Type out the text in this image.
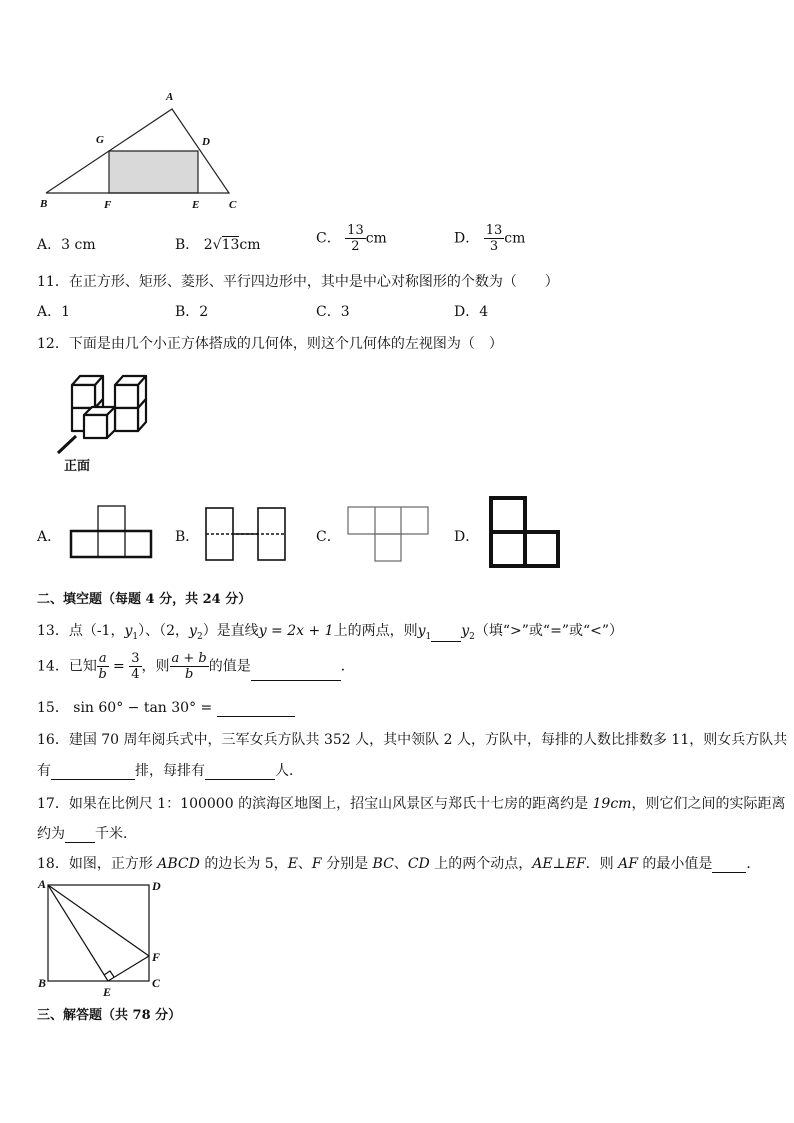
A
G	D
B	F	E	C
A．3 cm	B． 2√13cm	C． $\frac{13}{2}$ cm	D． $\frac{13}{3}$ cm
11．在正方形、矩形、菱形、平行四边形中，其中是中心对称图形的个数为（　　）
A．1	B．2	C．3	D．4
12．下面是由几个小正方体搭成的几何体，则这个几何体的左视图为（　）
正面
A．	B．	C．	D．
二、填空题（每题 4 分，共 24 分）
13．点（-1，$y_1$）、（2，$y_2$）是直线y = 2x + 1上的两点，则$y_1$ $y_2$（填“>”或“=”或“<”）
14．已知 $\frac{a}{b} = \frac{3}{4}$ ，则 $\frac{a + b}{b}$ 的值是	．
15． sin 60° − tan 30° =
16．建国 70 周年阅兵式中，三军女兵方队共 352 人，其中领队 2 人，方队中，每排的人数比排数多 11，则女兵方队共
有	排，每排有	人．
17．如果在比例尺 1：100000 的滨海区地图上，招宝山风景区与郑氏十七房的距离约是 19cm，则它们之间的实际距离
约为 千米．
18．如图，正方形 ABCD 的边长为 5，E、F 分别是 BC、CD 上的两个动点，AE⊥EF．则 AF 的最小值是 ．
A	D
B	C
E
F
三、解答题（共 78 分）
